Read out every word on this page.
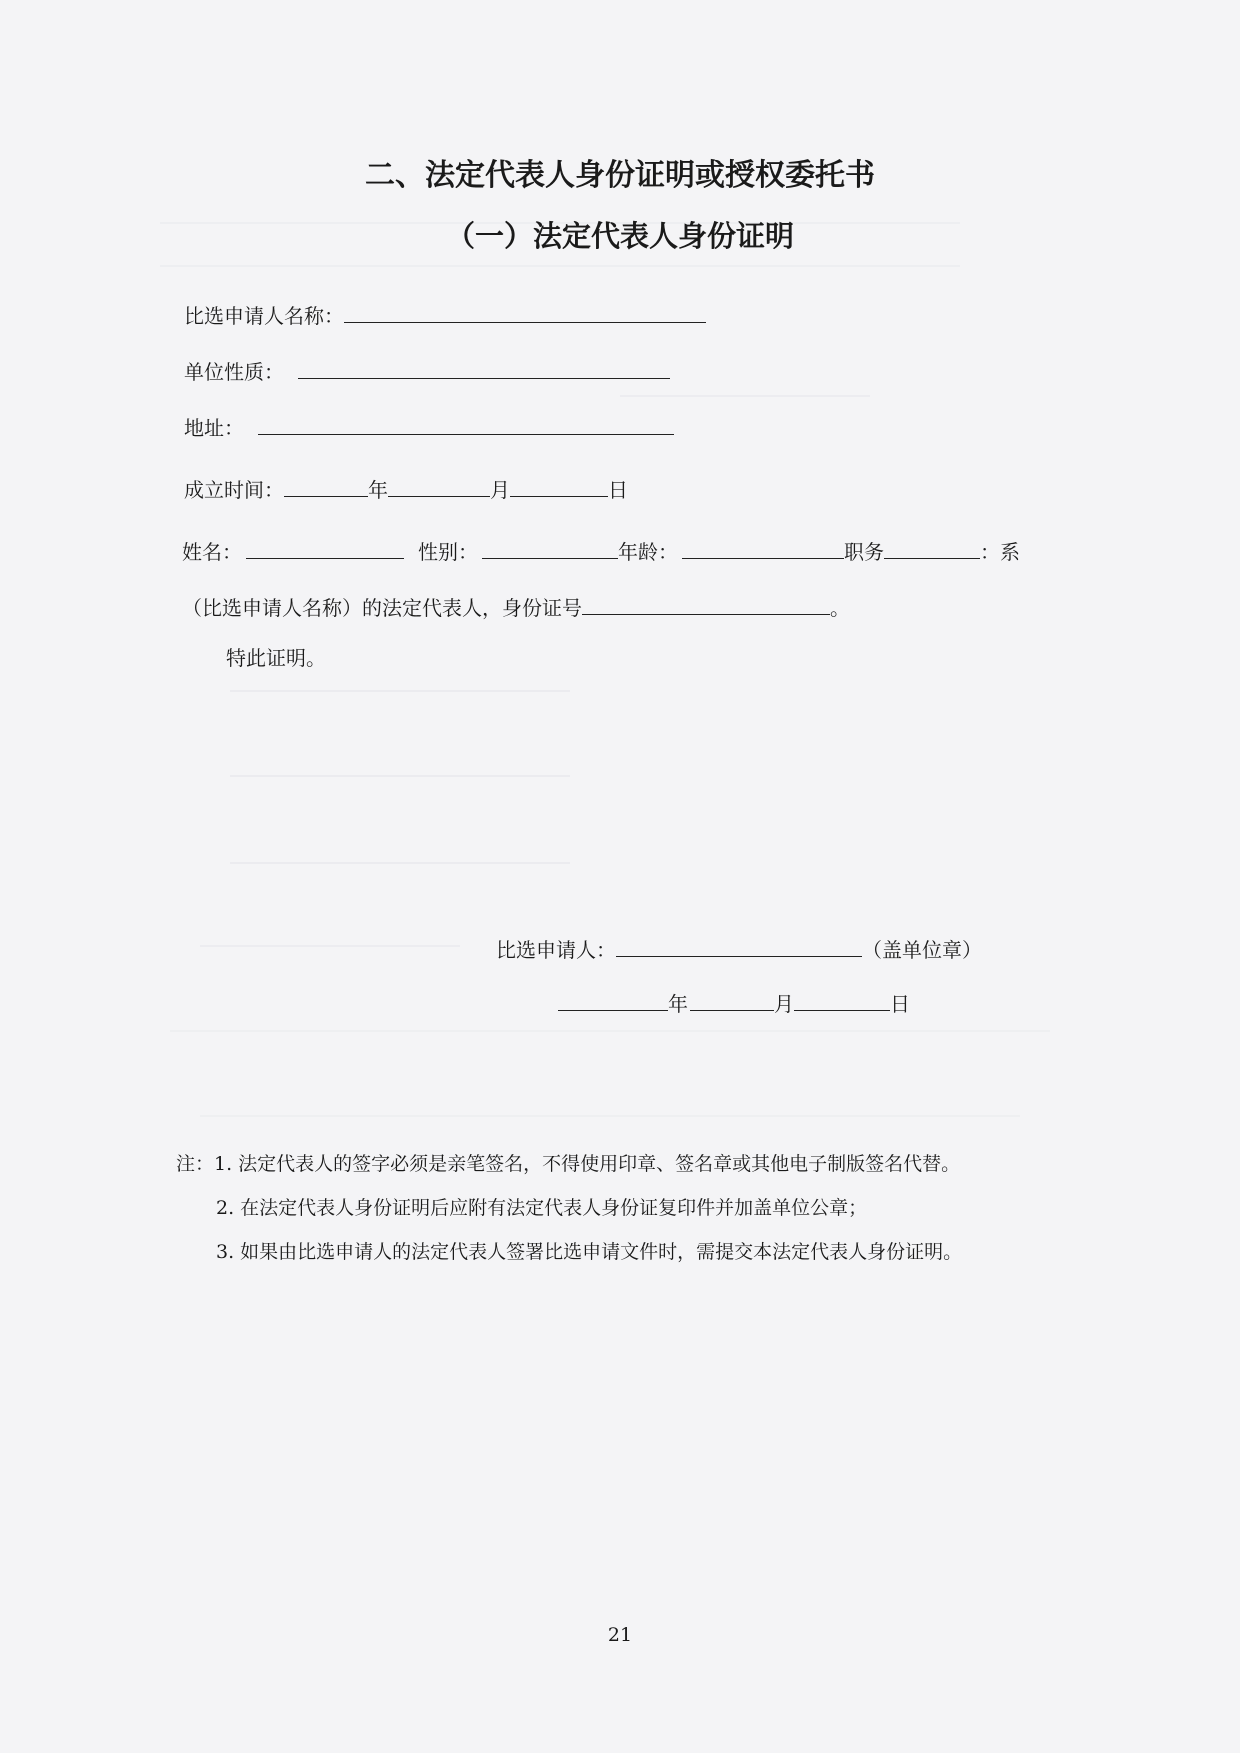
二、法定代表人身份证明或授权委托书
（一）法定代表人身份证明
比选申请人名称：
单位性质：
地址：
成立时间：	年	月	日
姓名：	性别：	年龄：	职务	：系
（比选申请人名称）的法定代表人，身份证号	。
特此证明。
比选申请人：	（盖单位章）
年	月	日
注：1. 法定代表人的签字必须是亲笔签名，不得使用印章、签名章或其他电子制版签名代替。
2. 在法定代表人身份证明后应附有法定代表人身份证复印件并加盖单位公章；
3. 如果由比选申请人的法定代表人签署比选申请文件时，需提交本法定代表人身份证明。
21
